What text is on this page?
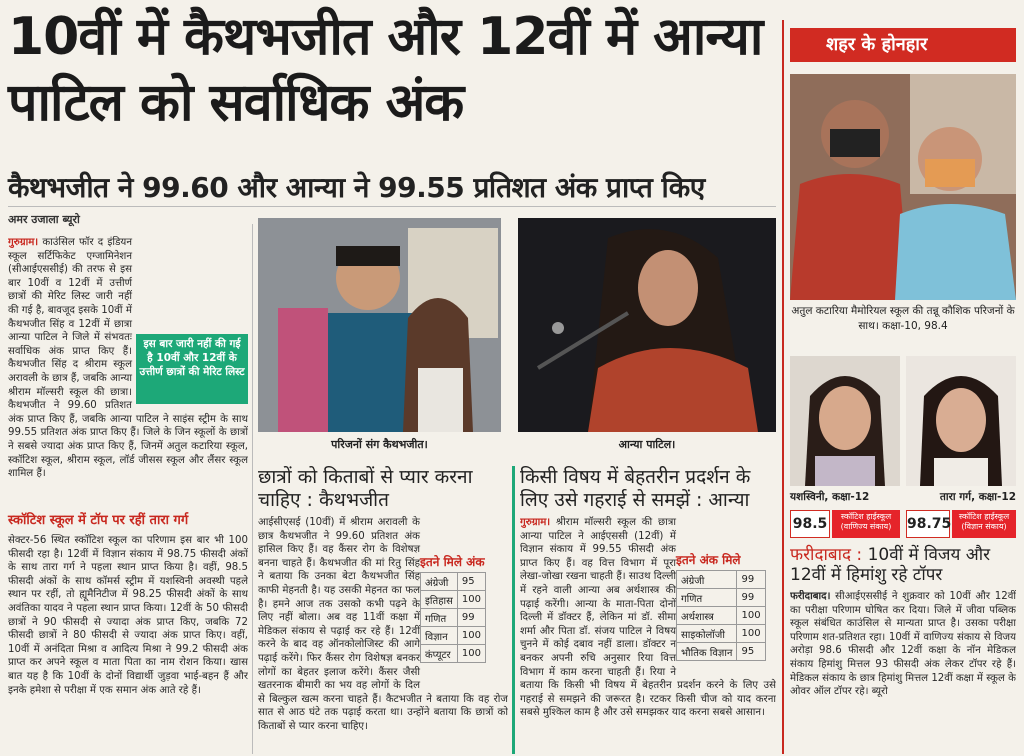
10वीं में कैथभजीत और 12वीं में आन्या पाटिल को सर्वाधिक अंक
कैथभजीत ने 99.60 और आन्या ने 99.55 प्रतिशत अंक प्राप्त किए
अमर उजाला ब्यूरो
इस बार जारी नहीं की गई है 10वीं और 12वीं के उत्तीर्ण छात्रों की मेरिट लिस्ट
गुरुग्राम। काउंसिल फॉर द इंडियन स्कूल सर्टिफिकेट एग्जामिनेशन (सीआईएससीई) की तरफ से इस बार 10वीं व 12वीं में उत्तीर्ण छात्रों की मेरिट लिस्ट जारी नहीं की गई है, बावजूद इसके 10वीं में कैथभजीत सिंह व 12वीं में छात्रा आन्या पाटिल ने जिले में संभवतः सर्वाधिक अंक प्राप्त किए हैं। कैथभजीत सिंह द श्रीराम स्कूल अरावली के छात्र हैं, जबकि आन्या श्रीराम मॉल्सरी स्कूल की छात्रा। कैथभजीत ने 99.60 प्रतिशत अंक प्राप्त किए हैं, जबकि आन्या पाटिल ने साइंस स्ट्रीम के साथ 99.55 प्रतिशत अंक प्राप्त किए हैं। जिले के जिन स्कूलों के छात्रों ने सबसे ज्यादा अंक प्राप्त किए हैं, जिनमें अतुल कटारिया स्कूल, स्कॉटिश स्कूल, श्रीराम स्कूल, लॉर्ड जीसस स्कूल और लैंसर स्कूल शामिल हैं।
स्कॉटिश स्कूल में टॉप पर रहीं तारा गर्ग
सेक्टर-56 स्थित स्कॉटिश स्कूल का परिणाम इस बार भी 100 फीसदी रहा है। 12वीं में विज्ञान संकाय में 98.75 फीसदी अंकों के साथ तारा गर्ग ने पहला स्थान प्राप्त किया है। वहीं, 98.5 फीसदी अंकों के साथ कॉमर्स स्ट्रीम में यशस्विनी अवस्थी पहले स्थान पर रहीं, तो ह्यूमैनिटीज में 98.25 फीसदी अंकों के साथ अवंतिका यादव ने पहला स्थान प्राप्त किया। 12वीं के 50 फीसदी छात्रों ने 90 फीसदी से ज्यादा अंक प्राप्त किए, जबकि 72 फीसदी छात्रों ने 80 फीसदी से ज्यादा अंक प्राप्त किए। वहीं, 10वीं में अनंदिता मिश्रा व आदित्य मिश्रा ने 99.2 फीसदी अंक प्राप्त कर अपने स्कूल व माता पिता का नाम रोशन किया। खास बात यह है कि 10वीं के दोनों विद्यार्थी जुड़वा भाई-बहन हैं और इनके हमेशा से परीक्षा में एक समान अंक आते रहे हैं।
परिजनों संग कैथभजीत।	आन्या पाटिल।
छात्रों को किताबों से प्यार करना चाहिए : कैथभजीत
आईसीएसई (10वीं) में श्रीराम अरावली के छात्र कैथभजीत ने 99.60 प्रतिशत अंक हासिल किए हैं। वह कैंसर रोग के विशेषज्ञ बनना चाहते हैं। कैथभजीत की मां रितु सिंह ने बताया कि उनका बेटा कैथभजीत सिंह काफी मेहनती है। यह उसकी मेहनत का फल है। हमने आज तक उसको कभी पढ़ने के लिए नहीं बोला। अब वह 11वीं कक्षा में मेडिकल संकाय से पढ़ाई कर रहे हैं। 12वीं करने के बाद वह ऑनकोलोजिस्ट की आगे पढ़ाई करेंगे। फिर कैंसर रोग विशेषज्ञ बनकर लोगों का बेहतर इलाज करेंगे। कैंसर जैसी खतरनाक बीमारी का भय वह लोगों के दिल से बिल्कुल खत्म करना चाहते हैं। कैटभजीत ने बताया कि वह रोज सात से आठ घंटे तक पढ़ाई करता था। उन्होंने बताया कि छात्रों को किताबों से प्यार करना चाहिए।
इतने मिले अंक
अंग्रेजी	95
इतिहास	100
गणित	99
विज्ञान	100
कंप्यूटर	100
किसी विषय में बेहतरीन प्रदर्शन के लिए उसे गहराई से समझें : आन्या
गुरुग्राम। श्रीराम मॉल्सरी स्कूल की छात्रा आन्या पाटिल ने आईएससी (12वीं) में विज्ञान संकाय में 99.55 फीसदी अंक प्राप्त किए हैं। वह वित्त विभाग में पूरा लेखा-जोखा रखना चाहती हैं। साउथ दिल्ली में रहने वाली आन्या अब अर्थशास्त्र की पढ़ाई करेंगी। आन्या के माता-पिता दोनों दिल्ली में डॉक्टर हैं, लेकिन मां डॉ. सीमा शर्मा और पिता डॉ. संजय पाटिल ने विषय चुनने में कोई दबाव नहीं डाला। डॉक्टर न बनकर अपनी रुचि अनुसार रिया वित्त विभाग में काम करना चाहती हैं। रिया ने बताया कि किसी भी विषय में बेहतरीन प्रदर्शन करने के लिए उसे गहराई से समझने की जरूरत है। रटकर किसी चीज को याद करना सबसे मुश्किल काम है और उसे समझकर याद करना सबसे आसान।
इतने अंक मिले
अंग्रेजी	99
गणित	99
अर्थशास्त्र	100
साइकोलॉजी	100
भौतिक विज्ञान	95
शहर के होनहार
अतुल कटारिया मैमोरियल स्कूल की तन्नू कौशिक परिजनों के साथ। कक्षा-10, 98.4
यशस्विनी, कक्षा-12
98.5	स्कॉटिश हाईस्कूल (वाणिज्य संकाय)
तारा गर्ग, कक्षा-12
98.75 स्कॉटिश हाईस्कूल (विज्ञान संकाय)
फरीदाबाद : 10वीं में विजय और 12वीं में हिमांशु रहे टॉपर
फरीदाबाद। सीआईएससीई ने शुक्रवार को 10वीं और 12वीं का परीक्षा परिणाम घोषित कर दिया। जिले में जीवा पब्लिक स्कूल संबंधित काउंसिल से मान्यता प्राप्त है। उसका परीक्षा परिणाम शत-प्रतिशत रहा। 10वीं में वाणिज्य संकाय से विजय अरोड़ा 98.6 फीसदी और 12वीं कक्षा के नॉन मेडिकल संकाय हिमांशु मित्तल 93 फीसदी अंक लेकर टॉपर रहे हैं। मेडिकल संकाय के छात्र हिमांशु मित्तल 12वीं कक्षा में स्कूल के ओवर ऑल टॉपर रहे। ब्यूरो
